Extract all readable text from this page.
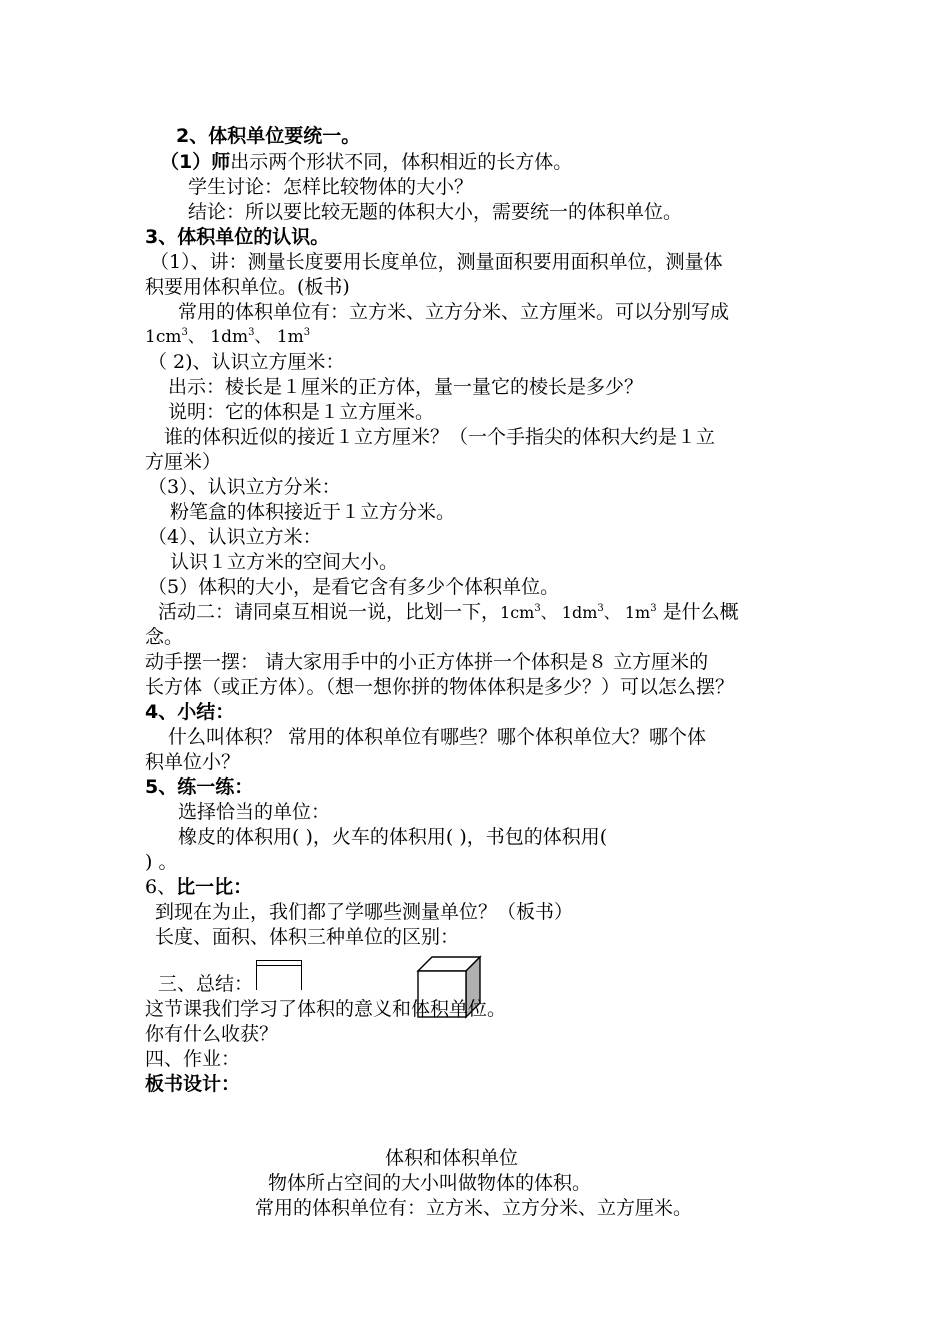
2、体积单位要统一。
（1）师出示两个形状不同，体积相近的长方体。
学生讨论：怎样比较物体的大小？
结论：所以要比较无题的体积大小，需要统一的体积单位。
3、体积单位的认识。
（1）、讲：测量长度要用长度单位，测量面积要用面积单位，测量体
积要用体积单位。(板书)
常用的体积单位有：立方米、立方分米、立方厘米。可以分别写成
$1cm^3$、 $1dm^3$、 $1m^3$
（ 2)、认识立方厘米：
出示：棱长是１厘米的正方体，量一量它的棱长是多少？
说明：它的体积是１立方厘米。
谁的体积近似的接近１立方厘米？（一个手指尖的体积大约是１立
方厘米）
（3）、认识立方分米：
粉笔盒的体积接近于１立方分米。
（4）、认识立方米：
认识１立方米的空间大小。
（5）体积的大小，是看它含有多少个体积单位。
活动二：请同桌互相说一说，比划一下，$1cm^3$、 $1dm^3$、 $1m^3$ 是什么概
念。
动手摆一摆： 请大家用手中的小正方体拼一个体积是８ 立方厘米的
长方体（或正方体）。（想一想你拼的物体体积是多少？）可以怎么摆？
4、小结：
什么叫体积？ 常用的体积单位有哪些？哪个体积单位大？哪个体
积单位小？
5、练一练：
选择恰当的单位：
橡皮的体积用( )，火车的体积用( )，书包的体积用(
) 。
6、比一比：
到现在为止，我们都了学哪些测量单位？（板书）
长度、面积、体积三种单位的区别：
三、总结：
这节课我们学习了体积的意义和体积单位。
你有什么收获？
四、作业：
板书设计：
体积和体积单位
物体所占空间的大小叫做物体的体积。
常用的体积单位有：立方米、立方分米、立方厘米。
